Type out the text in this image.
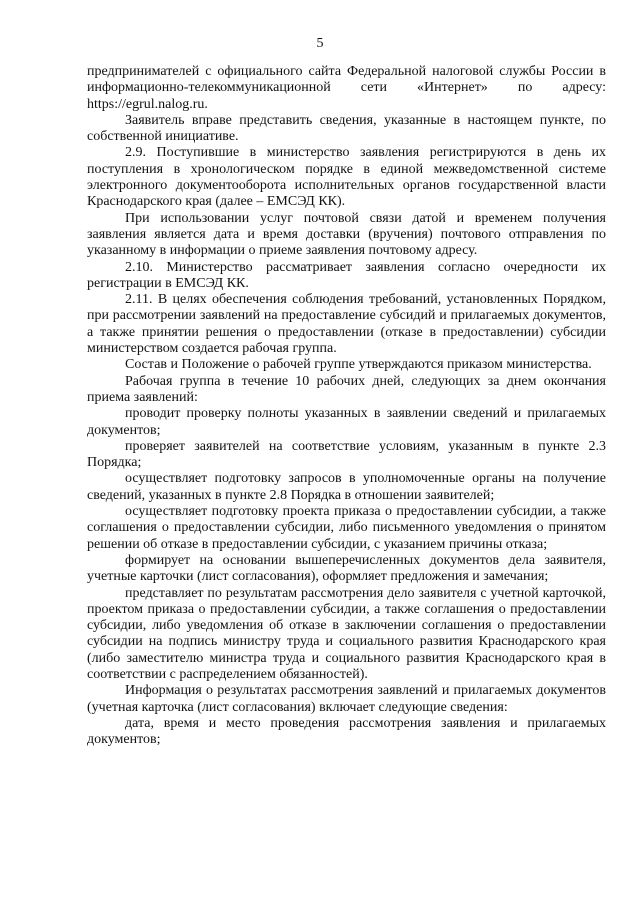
5

предпринимателей с официального сайта Федеральной налоговой службы России в информационно-телекоммуникационной сети «Интернет» по адресу: https://egrul.nalog.ru.

Заявитель вправе представить сведения, указанные в настоящем пункте, по собственной инициативе.

2.9. Поступившие в министерство заявления регистрируются в день их поступления в хронологическом порядке в единой межведомственной системе электронного документооборота исполнительных органов государственной власти Краснодарского края (далее – ЕМСЭД КК).

При использовании услуг почтовой связи датой и временем получения заявления является дата и время доставки (вручения) почтового отправления по указанному в информации о приеме заявления почтовому адресу.

2.10. Министерство рассматривает заявления согласно очередности их регистрации в ЕМСЭД КК.

2.11. В целях обеспечения соблюдения требований, установленных Порядком, при рассмотрении заявлений на предоставление субсидий и прилагаемых документов, а также принятии решения о предоставлении (отказе в предоставлении) субсидии министерством создается рабочая группа.

Состав и Положение о рабочей группе утверждаются приказом министерства.

Рабочая группа в течение 10 рабочих дней, следующих за днем окончания приема заявлений:

проводит проверку полноты указанных в заявлении сведений и прилагаемых документов;

проверяет заявителей на соответствие условиям, указанным в пункте 2.3 Порядка;

осуществляет подготовку запросов в уполномоченные органы на получение сведений, указанных в пункте 2.8 Порядка в отношении заявителей;

осуществляет подготовку проекта приказа о предоставлении субсидии, а также соглашения о предоставлении субсидии, либо письменного уведомления о принятом решении об отказе в предоставлении субсидии, с указанием причины отказа;

формирует на основании вышеперечисленных документов дела заявителя, учетные карточки (лист согласования), оформляет предложения и замечания;

представляет по результатам рассмотрения дело заявителя с учетной карточкой, проектом приказа о предоставлении субсидии, а также соглашения о предоставлении субсидии, либо уведомления об отказе в заключении соглашения о предоставлении субсидии на подпись министру труда и социального развития Краснодарского края (либо заместителю министра труда и социального развития Краснодарского края в соответствии с распределением обязанностей).

Информация о результатах рассмотрения заявлений и прилагаемых документов (учетная карточка (лист согласования) включает следующие сведения:

дата, время и место проведения рассмотрения заявления и прилагаемых документов;
